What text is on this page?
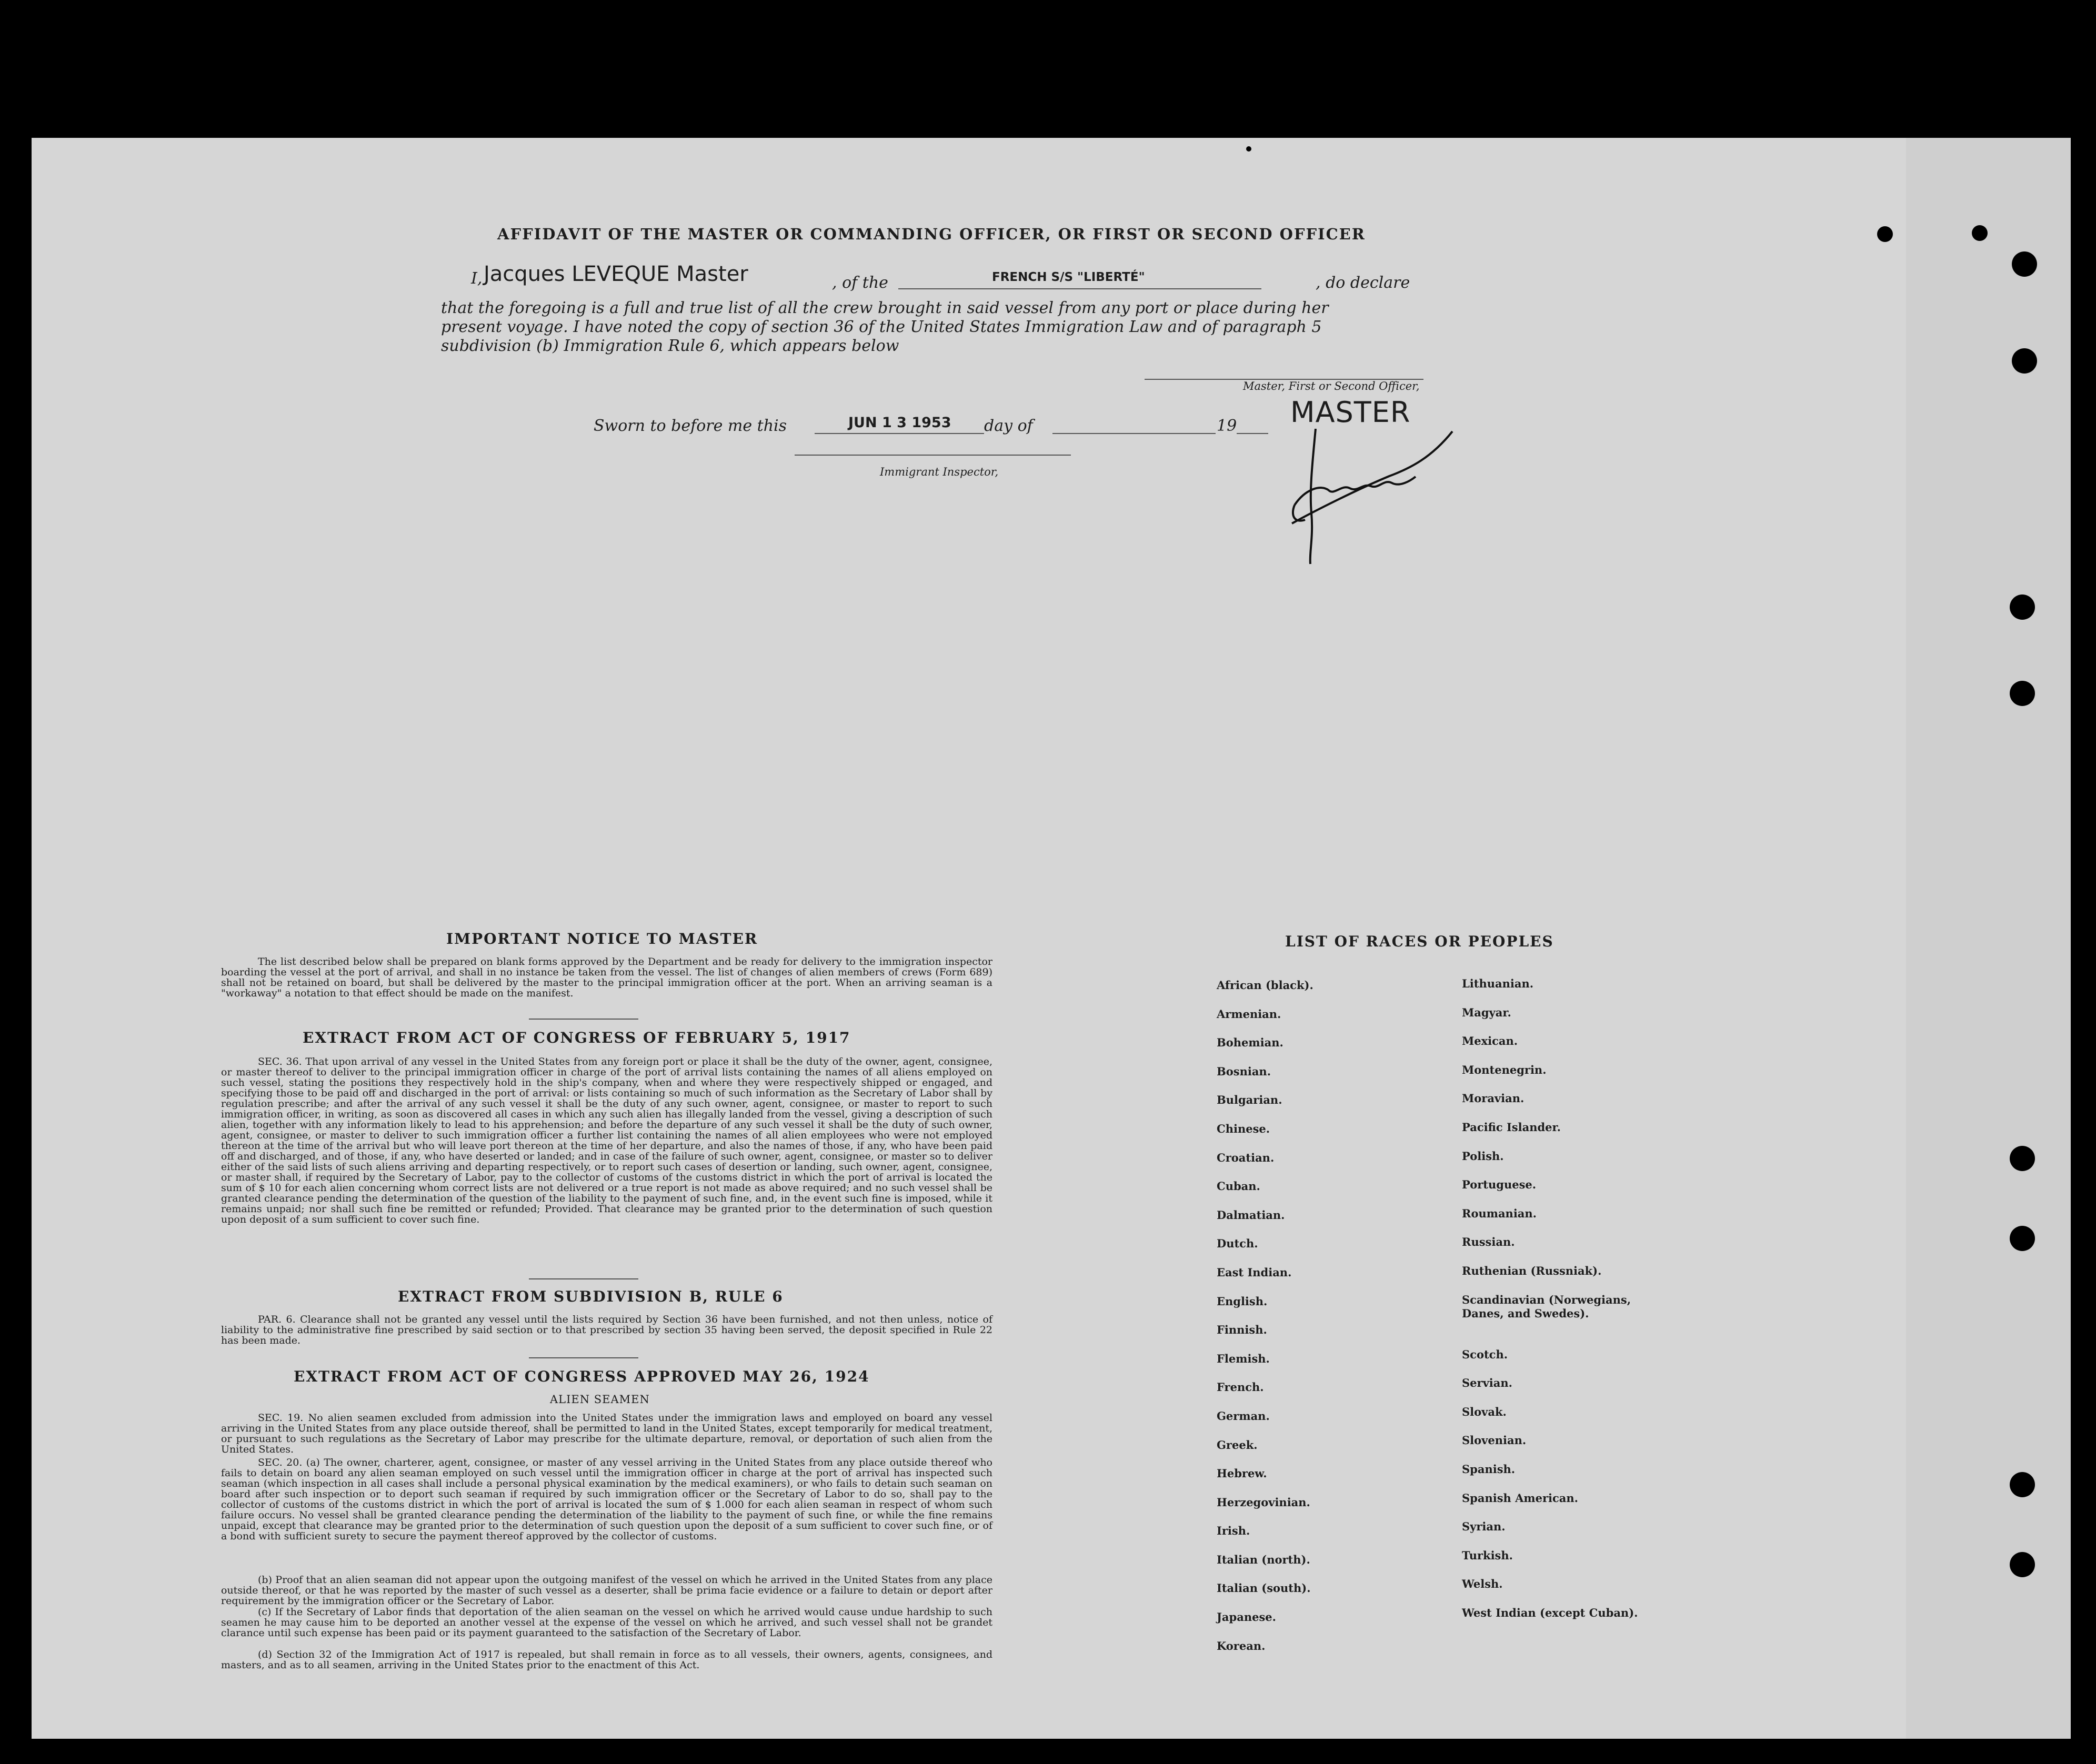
AFFIDAVIT OF THE MASTER OR COMMANDING OFFICER, OR FIRST OR SECOND OFFICER
I, Jacques LEVEQUE Master	, of the	FRENCH S/S "LIBERTÉ"	, do declare
that the foregoing is a full and true list of all the crew brought in said vessel from any port or place during her
present voyage. I have noted the copy of section 36 of the United States Immigration Law and of paragraph 5
subdivision (b) Immigration Rule 6, which appears below
Master, First or Second Officer,
MASTER
Sworn to before me this	JUN 1 3 1953 day of	19
Immigrant Inspector,
IMPORTANT NOTICE TO MASTER

The list described below shall be prepared on blank forms approved by the Department and be ready for delivery to the immigration inspector boarding the vessel at the port of arrival, and shall in no instance be taken from the vessel. The list of changes of alien members of crews (Form 689) shall not be retained on board, but shall be delivered by the master to the principal immigration officer at the port. When an arriving seaman is a "workaway" a notation to that effect should be made on the manifest.

EXTRACT FROM ACT OF CONGRESS OF FEBRUARY 5, 1917

SEC. 36. That upon arrival of any vessel in the United States from any foreign port or place it shall be the duty of the owner, agent, consignee, or master thereof to deliver to the principal immigration officer in charge of the port of arrival lists containing the names of all aliens employed on such vessel, stating the positions they respectively hold in the ship's company, when and where they were respectively shipped or engaged, and specifying those to be paid off and discharged in the port of arrival: or lists containing so much of such information as the Secretary of Labor shall by regulation prescribe; and after the arrival of any such vessel it shall be the duty of any such owner, agent, consignee, or master to report to such immigration officer, in writing, as soon as discovered all cases in which any such alien has illegally landed from the vessel, giving a description of such alien, together with any information likely to lead to his apprehension; and before the departure of any such vessel it shall be the duty of such owner, agent, consignee, or master to deliver to such immigration officer a further list containing the names of all alien employees who were not employed thereon at the time of the arrival but who will leave port thereon at the time of her departure, and also the names of those, if any, who have been paid off and discharged, and of those, if any, who have deserted or landed; and in case of the failure of such owner, agent, consignee, or master so to deliver either of the said lists of such aliens arriving and departing respectively, or to report such cases of desertion or landing, such owner, agent, consignee, or master shall, if required by the Secretary of Labor, pay to the collector of customs of the customs district in which the port of arrival is located the sum of $ 10 for each alien concerning whom correct lists are not delivered or a true report is not made as above required; and no such vessel shall be granted clearance pending the determination of the question of the liability to the payment of such fine, and, in the event such fine is imposed, while it remains unpaid; nor shall such fine be remitted or refunded; Provided. That clearance may be granted prior to the determination of such question upon deposit of a sum sufficient to cover such fine.

EXTRACT FROM SUBDIVISION B, RULE 6

PAR. 6. Clearance shall not be granted any vessel until the lists required by Section 36 have been furnished, and not then unless, notice of liability to the administrative fine prescribed by said section or to that prescribed by section 35 having been served, the deposit specified in Rule 22 has been made.

EXTRACT FROM ACT OF CONGRESS APPROVED MAY 26, 1924
ALIEN SEAMEN

SEC. 19. No alien seamen excluded from admission into the United States under the immigration laws and employed on board any vessel arriving in the United States from any place outside thereof, shall be permitted to land in the United States, except temporarily for medical treatment, or pursuant to such regulations as the Secretary of Labor may prescribe for the ultimate departure, removal, or deportation of such alien from the United States.

SEC. 20. (a) The owner, charterer, agent, consignee, or master of any vessel arriving in the United States from any place outside thereof who fails to detain on board any alien seaman employed on such vessel until the immigration officer in charge at the port of arrival has inspected such seaman (which inspection in all cases shall include a personal physical examination by the medical examiners), or who fails to detain such seaman on board after such inspection or to deport such seaman if required by such immigration officer or the Secretary of Labor to do so, shall pay to the collector of customs of the customs district in which the port of arrival is located the sum of $ 1.000 for each alien seaman in respect of whom such failure occurs. No vessel shall be granted clearance pending the determination of the liability to the payment of such fine, or while the fine remains unpaid, except that clearance may be granted prior to the determination of such question upon the deposit of a sum sufficient to cover such fine, or of a bond with sufficient surety to secure the payment thereof approved by the collector of customs.

(b) Proof that an alien seaman did not appear upon the outgoing manifest of the vessel on which he arrived in the United States from any place outside thereof, or that he was reported by the master of such vessel as a deserter, shall be prima facie evidence or a failure to detain or deport after requirement by the immigration officer or the Secretary of Labor.

(c) If the Secretary of Labor finds that deportation of the alien seaman on the vessel on which he arrived would cause undue hardship to such seamen he may cause him to be deported an another vessel at the expense of the vessel on which he arrived, and such vessel shall not be grandet clarance until such expense has been paid or its payment guaranteed to the satisfaction of the Secretary of Labor.

(d) Section 32 of the Immigration Act of 1917 is repealed, but shall remain in force as to all vessels, their owners, agents, consignees, and masters, and as to all seamen, arriving in the United States prior to the enactment of this Act.

LIST OF RACES OR PEOPLES
African (black).
Armenian.
Bohemian.
Bosnian.
Bulgarian.
Chinese.
Croatian.
Cuban.
Dalmatian.
Dutch.
East Indian.
English.
Finnish.
Flemish.
French.
German.
Greek.
Hebrew.
Herzegovinian.
Irish.
Italian (north).
Italian (south).
Japanese.
Korean.
Lithuanian.
Magyar.
Mexican.
Montenegrin.
Moravian.
Pacific Islander.
Polish.
Portuguese.
Roumanian.
Russian.
Ruthenian (Russniak).
Scandinavian (Norwegians, Danes, and Swedes).
Scotch.
Servian.
Slovak.
Slovenian.
Spanish.
Spanish American.
Syrian.
Turkish.
Welsh.
West Indian (except Cuban).
